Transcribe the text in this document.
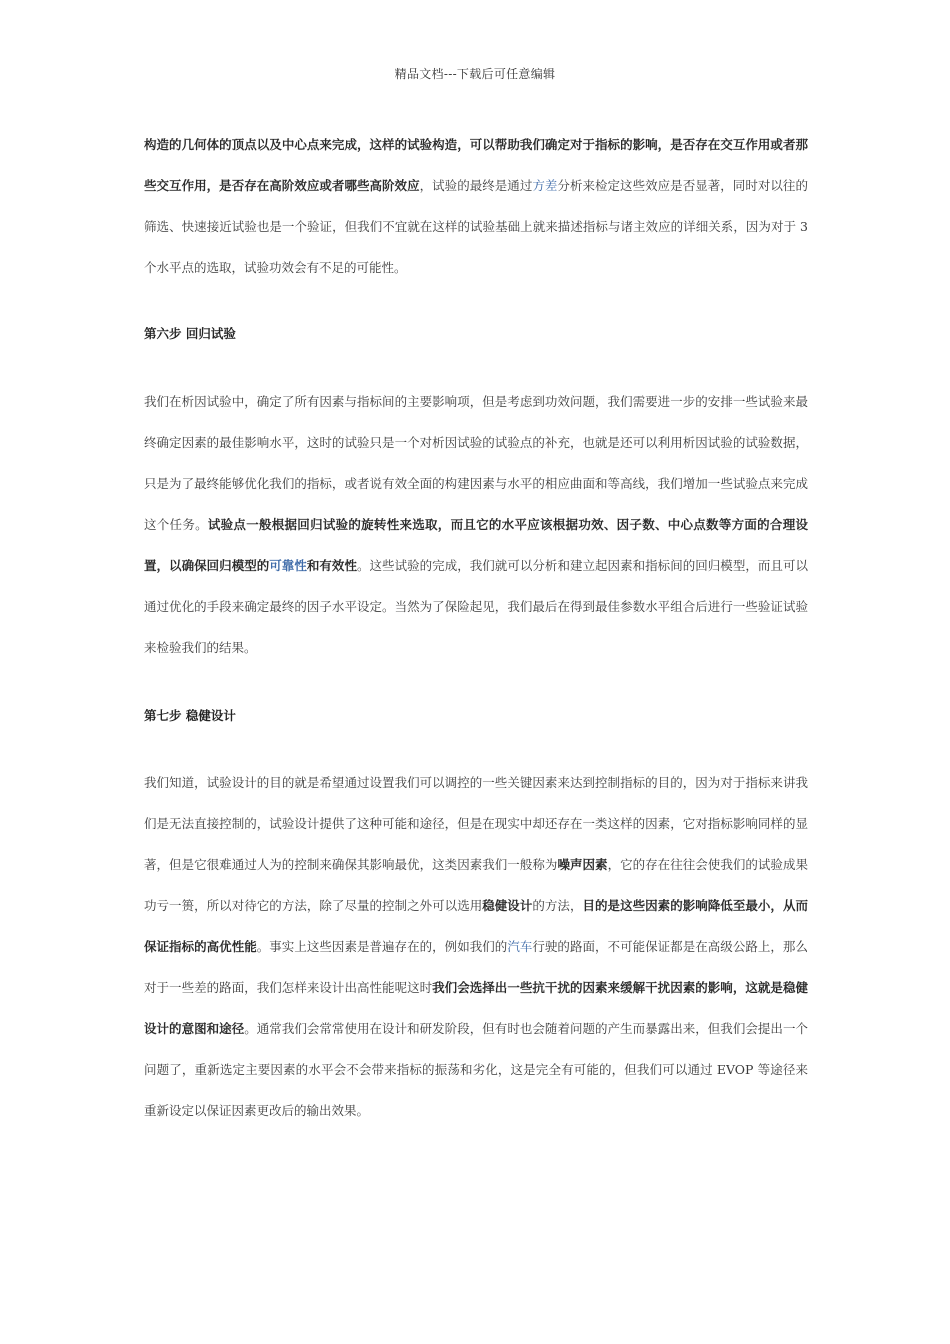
精品文档---下载后可任意编辑

构造的几何体的顶点以及中心点来完成，这样的试验构造，可以帮助我们确定对于指标的影响，是否存在交互作用或者那些交互作用，是否存在高阶效应或者哪些高阶效应，试验的最终是通过方差分析来检定这些效应是否显著，同时对以往的筛选、快速接近试验也是一个验证，但我们不宜就在这样的试验基础上就来描述指标与诸主效应的详细关系，因为对于 3 个水平点的选取，试验功效会有不足的可能性。

第六步 回归试验

我们在析因试验中，确定了所有因素与指标间的主要影响项，但是考虑到功效问题，我们需要进一步的安排一些试验来最终确定因素的最佳影响水平，这时的试验只是一个对析因试验的试验点的补充，也就是还可以利用析因试验的试验数据，只是为了最终能够优化我们的指标，或者说有效全面的构建因素与水平的相应曲面和等高线，我们增加一些试验点来完成这个任务。试验点一般根据回归试验的旋转性来选取，而且它的水平应该根据功效、因子数、中心点数等方面的合理设置，以确保回归模型的可靠性和有效性。这些试验的完成，我们就可以分析和建立起因素和指标间的回归模型，而且可以通过优化的手段来确定最终的因子水平设定。当然为了保险起见，我们最后在得到最佳参数水平组合后进行一些验证试验来检验我们的结果。

第七步 稳健设计

我们知道，试验设计的目的就是希望通过设置我们可以调控的一些关键因素来达到控制指标的目的，因为对于指标来讲我们是无法直接控制的，试验设计提供了这种可能和途径，但是在现实中却还存在一类这样的因素，它对指标影响同样的显著，但是它很难通过人为的控制来确保其影响最优，这类因素我们一般称为噪声因素，它的存在往往会使我们的试验成果功亏一篑，所以对待它的方法，除了尽量的控制之外可以选用稳健设计的方法，目的是这些因素的影响降低至最小，从而保证指标的高优性能。事实上这些因素是普遍存在的，例如我们的汽车行驶的路面，不可能保证都是在高级公路上，那么对于一些差的路面，我们怎样来设计出高性能呢这时我们会选择出一些抗干扰的因素来缓解干扰因素的影响，这就是稳健设计的意图和途径。通常我们会常常使用在设计和研发阶段，但有时也会随着问题的产生而暴露出来，但我们会提出一个问题了，重新选定主要因素的水平会不会带来指标的振荡和劣化，这是完全有可能的，但我们可以通过 EVOP 等途径来重新设定以保证因素更改后的输出效果。
